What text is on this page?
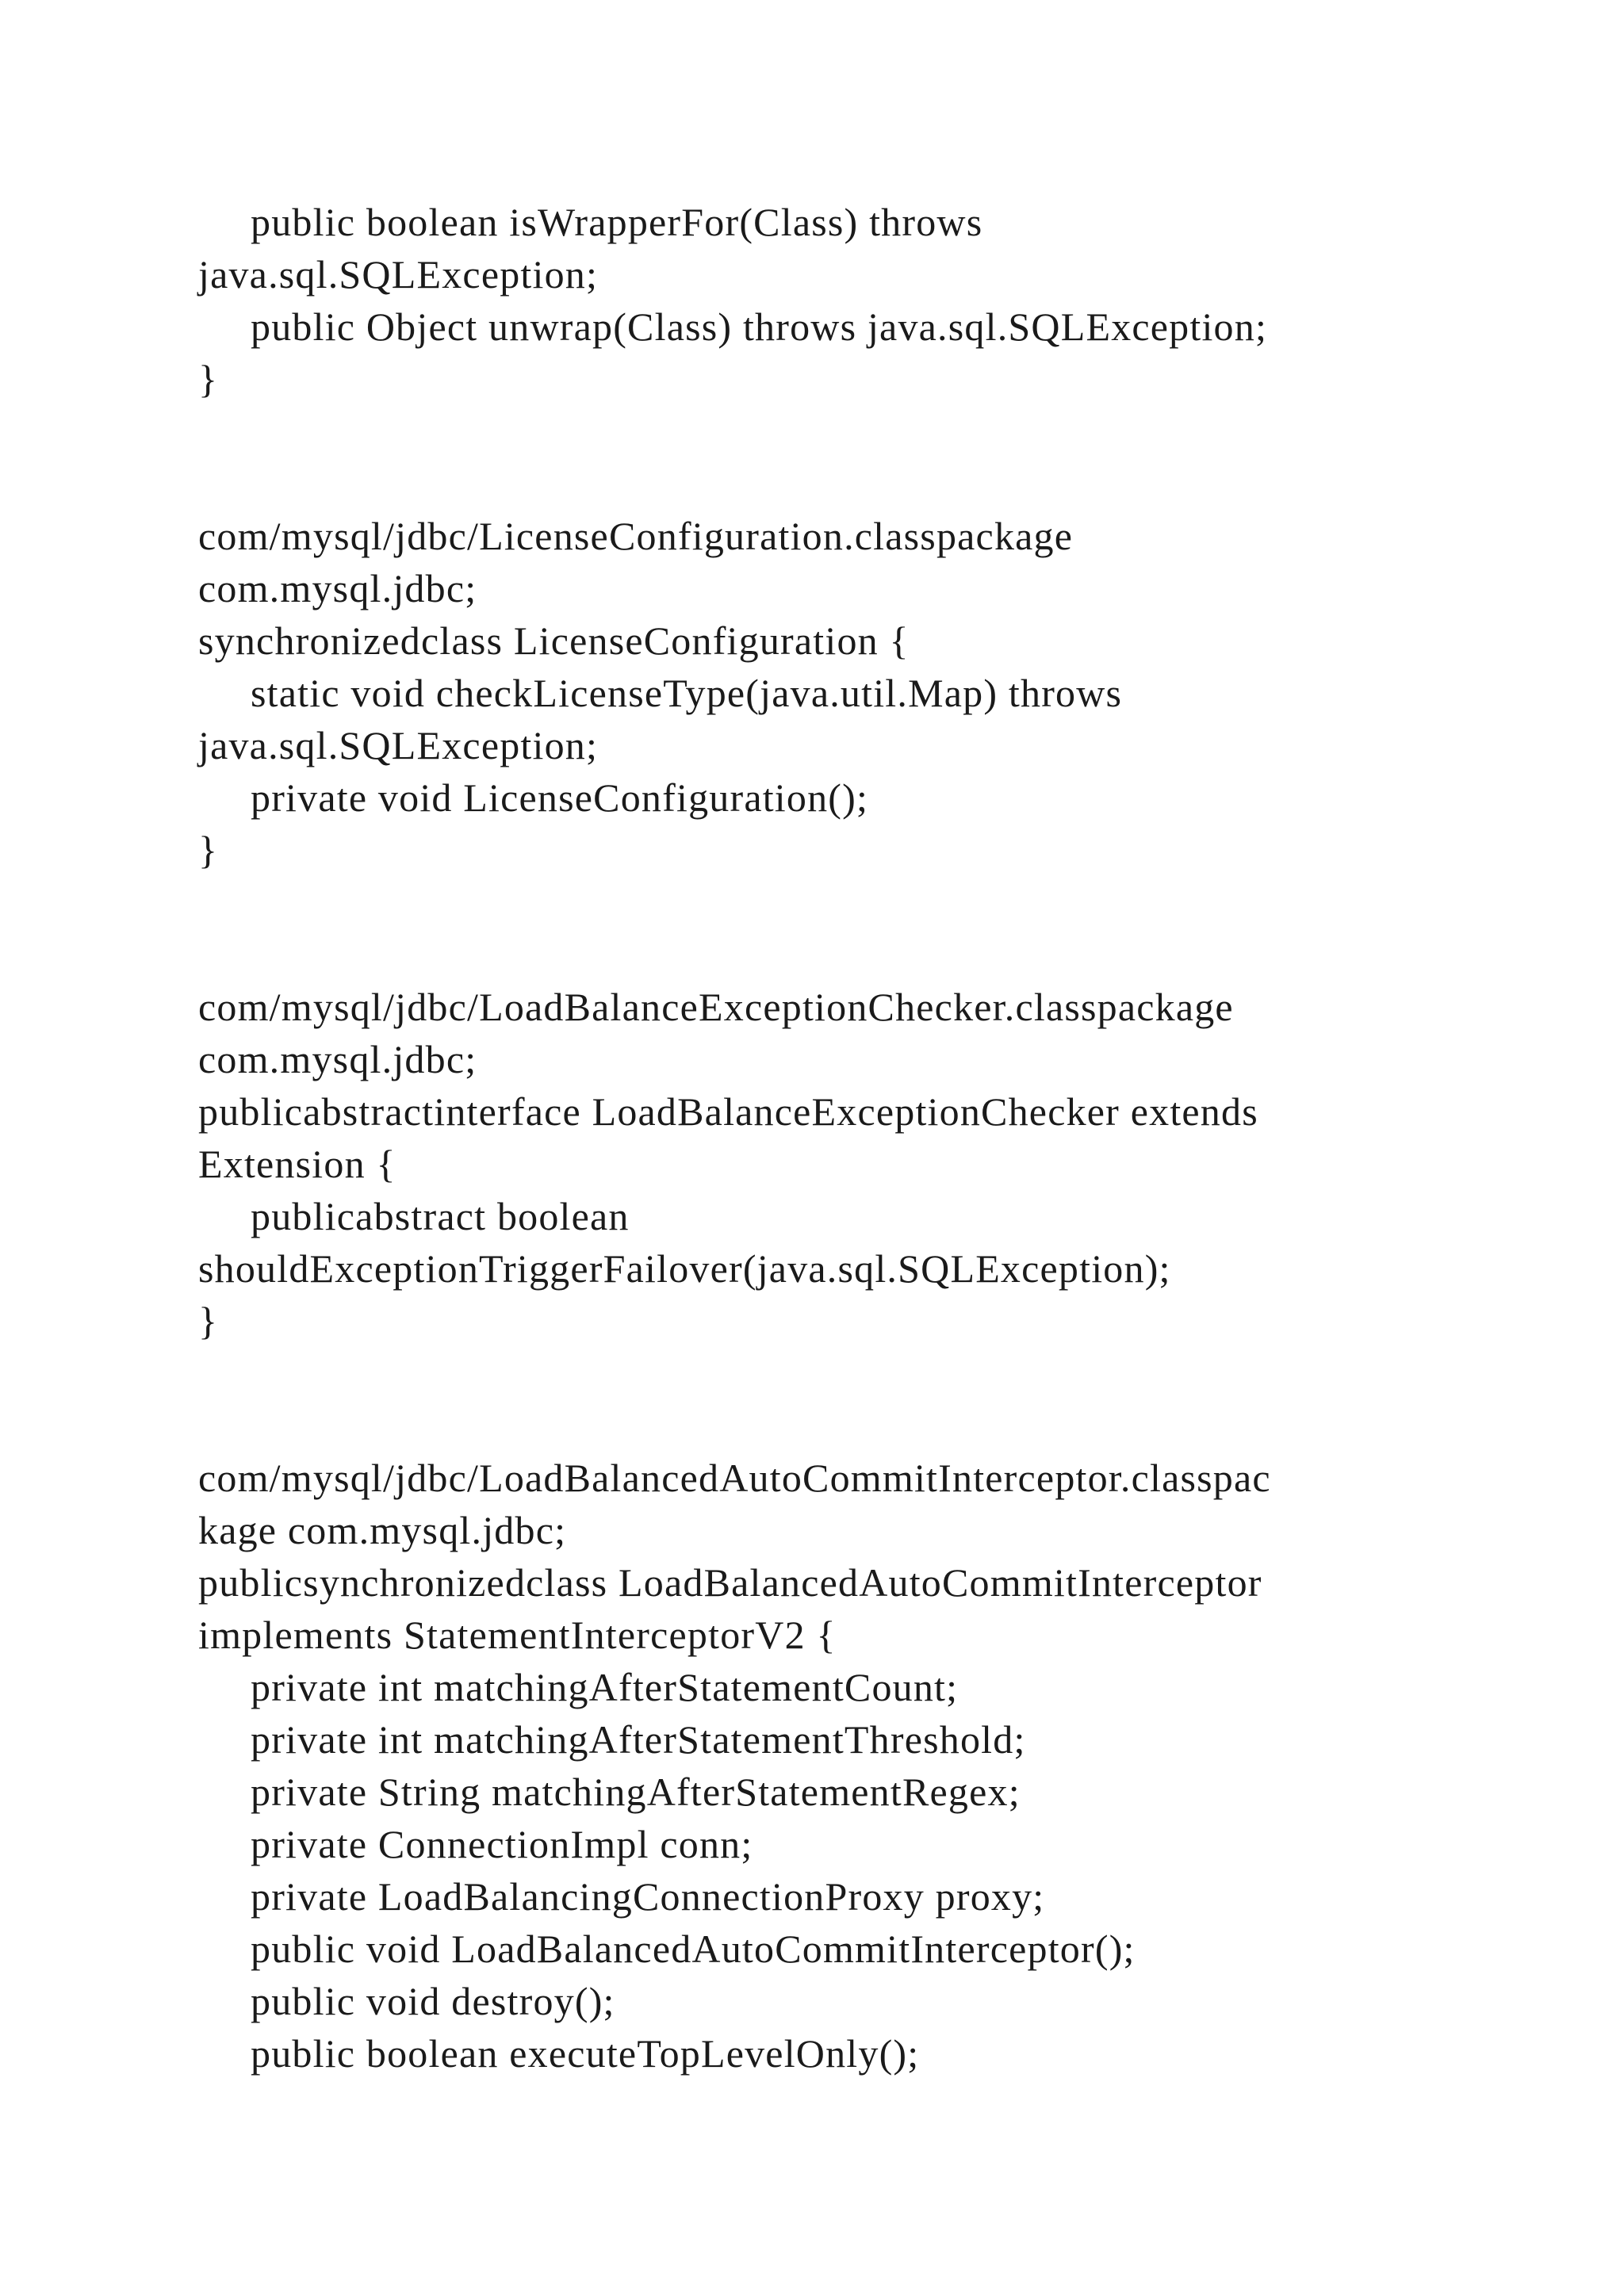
public boolean isWrapperFor(Class) throws
java.sql.SQLException;
public Object unwrap(Class) throws java.sql.SQLException;
}
com/mysql/jdbc/LicenseConfiguration.classpackage
com.mysql.jdbc;
synchronizedclass LicenseConfiguration {
static void checkLicenseType(java.util.Map) throws
java.sql.SQLException;
private void LicenseConfiguration();
}
com/mysql/jdbc/LoadBalanceExceptionChecker.classpackage
com.mysql.jdbc;
publicabstractinterface LoadBalanceExceptionChecker extends
Extension {
publicabstract boolean
shouldExceptionTriggerFailover(java.sql.SQLException);
}
com/mysql/jdbc/LoadBalancedAutoCommitInterceptor.classpac
kage com.mysql.jdbc;
publicsynchronizedclass LoadBalancedAutoCommitInterceptor
implements StatementInterceptorV2 {
private int matchingAfterStatementCount;
private int matchingAfterStatementThreshold;
private String matchingAfterStatementRegex;
private ConnectionImpl conn;
private LoadBalancingConnectionProxy proxy;
public void LoadBalancedAutoCommitInterceptor();
public void destroy();
public boolean executeTopLevelOnly();
